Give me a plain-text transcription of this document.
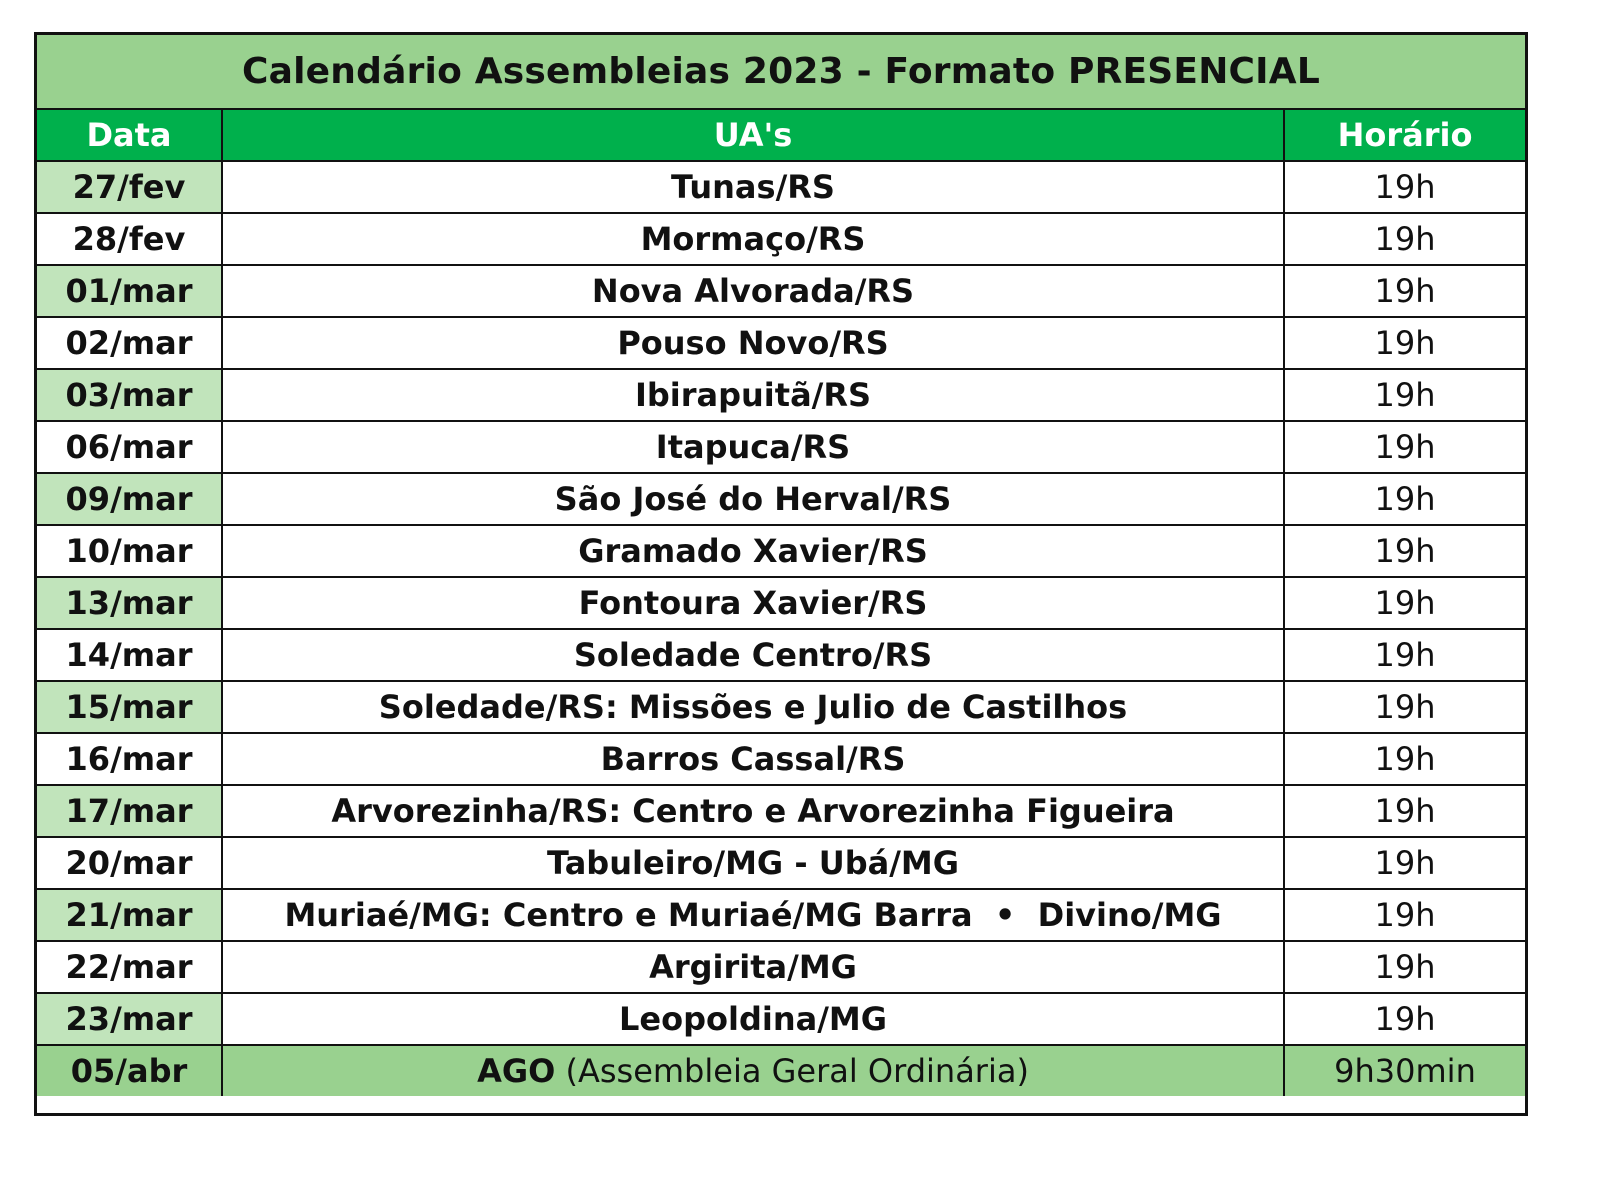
Calendário Assembleias 2023 - Formato PRESENCIAL
Data	UA's	Horário
27/fev	Tunas/RS	19h
28/fev	Mormaço/RS	19h
01/mar	Nova Alvorada/RS	19h
02/mar	Pouso Novo/RS	19h
03/mar	Ibirapuitã/RS	19h
06/mar	Itapuca/RS	19h
09/mar	São José do Herval/RS	19h
10/mar	Gramado Xavier/RS	19h
13/mar	Fontoura Xavier/RS	19h
14/mar	Soledade Centro/RS	19h
15/mar	Soledade/RS: Missões e Julio de Castilhos	19h
16/mar	Barros Cassal/RS	19h
17/mar	Arvorezinha/RS: Centro e Arvorezinha Figueira	19h
20/mar	Tabuleiro/MG - Ubá/MG	19h
21/mar	Muriaé/MG: Centro e Muriaé/MG Barra  •  Divino/MG	19h
22/mar	Argirita/MG	19h
23/mar	Leopoldina/MG	19h
05/abr	AGO (Assembleia Geral Ordinária)	9h30min
